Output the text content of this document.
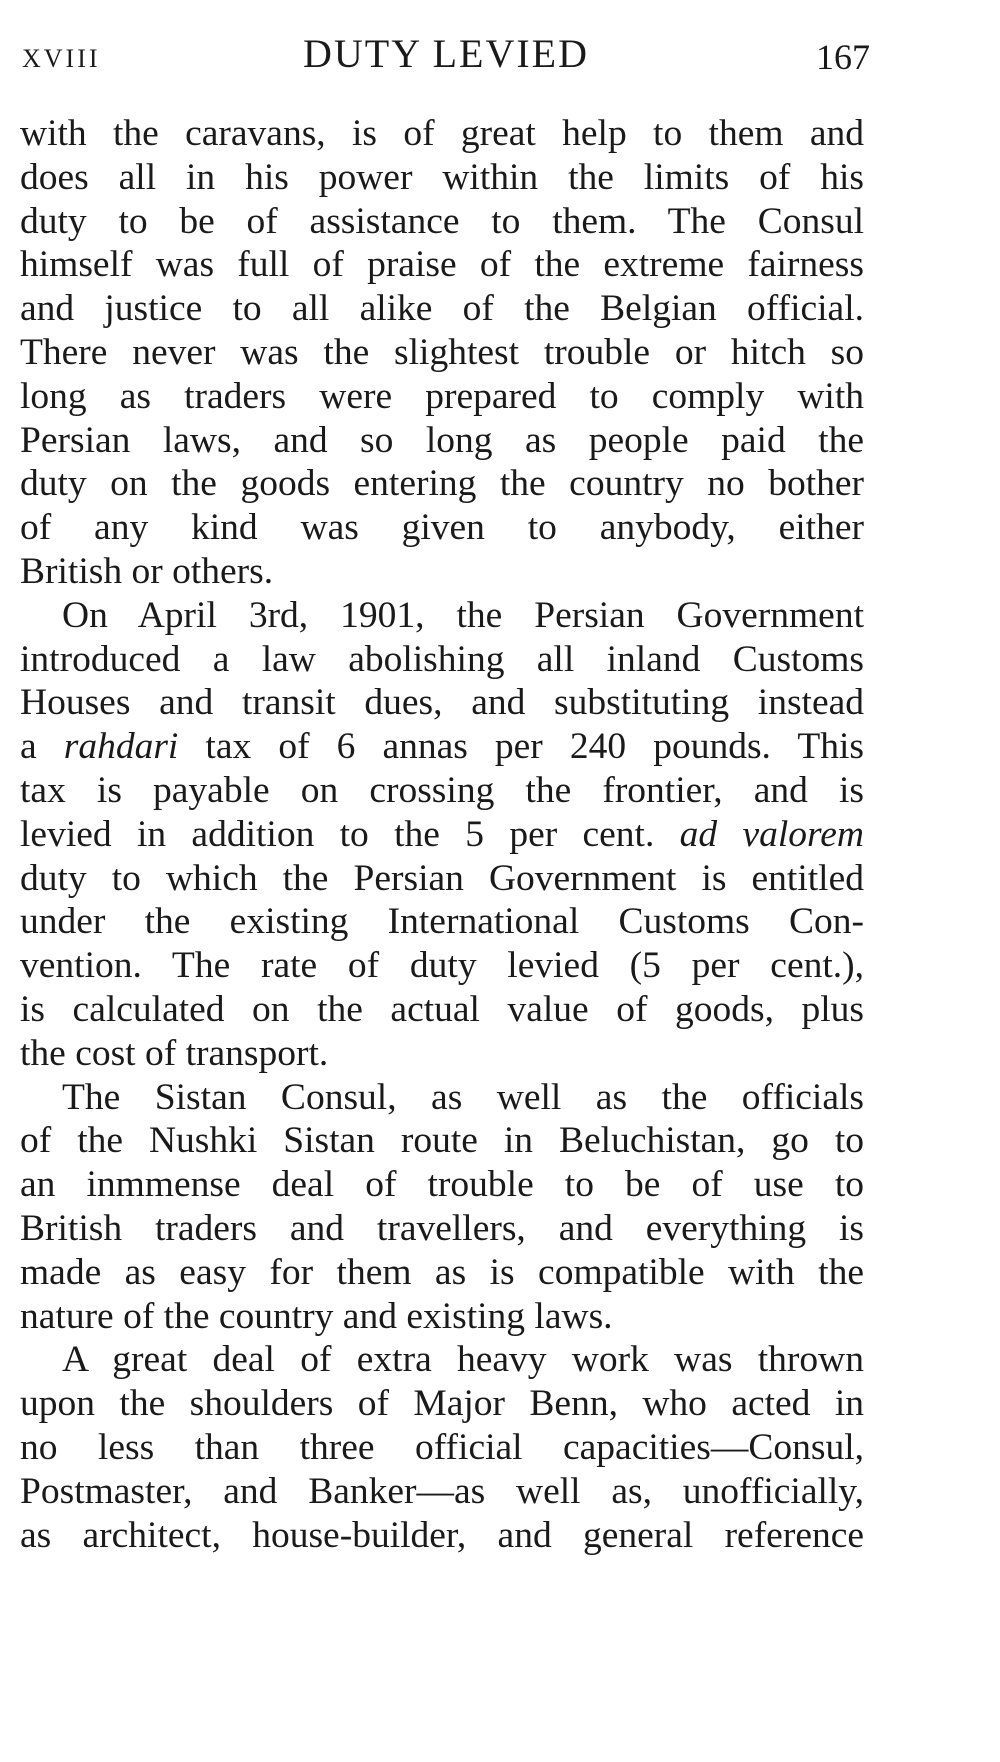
XVIII	DUTY LEVIED	167
with the caravans, is of great help to them and
does all in his power within the limits of his
duty to be of assistance to them. The Consul
himself was full of praise of the extreme fairness
and justice to all alike of the Belgian official.
There never was the slightest trouble or hitch so
long as traders were prepared to comply with
Persian laws, and so long as people paid the
duty on the goods entering the country no bother
of any kind was given to anybody, either
British or others.
On April 3rd, 1901, the Persian Government
introduced a law abolishing all inland Customs
Houses and transit dues, and substituting instead
a rahdari tax of 6 annas per 240 pounds. This
tax is payable on crossing the frontier, and is
levied in addition to the 5 per cent. ad valorem
duty to which the Persian Government is entitled
under the existing International Customs Con-
vention. The rate of duty levied (5 per cent.),
is calculated on the actual value of goods, plus
the cost of transport.
The Sistan Consul, as well as the officials
of the Nushki Sistan route in Beluchistan, go to
an inmmense deal of trouble to be of use to
British traders and travellers, and everything is
made as easy for them as is compatible with the
nature of the country and existing laws.
A great deal of extra heavy work was thrown
upon the shoulders of Major Benn, who acted in
no less than three official capacities—Consul,
Postmaster, and Banker—as well as, unofficially,
as architect, house-builder, and general reference
